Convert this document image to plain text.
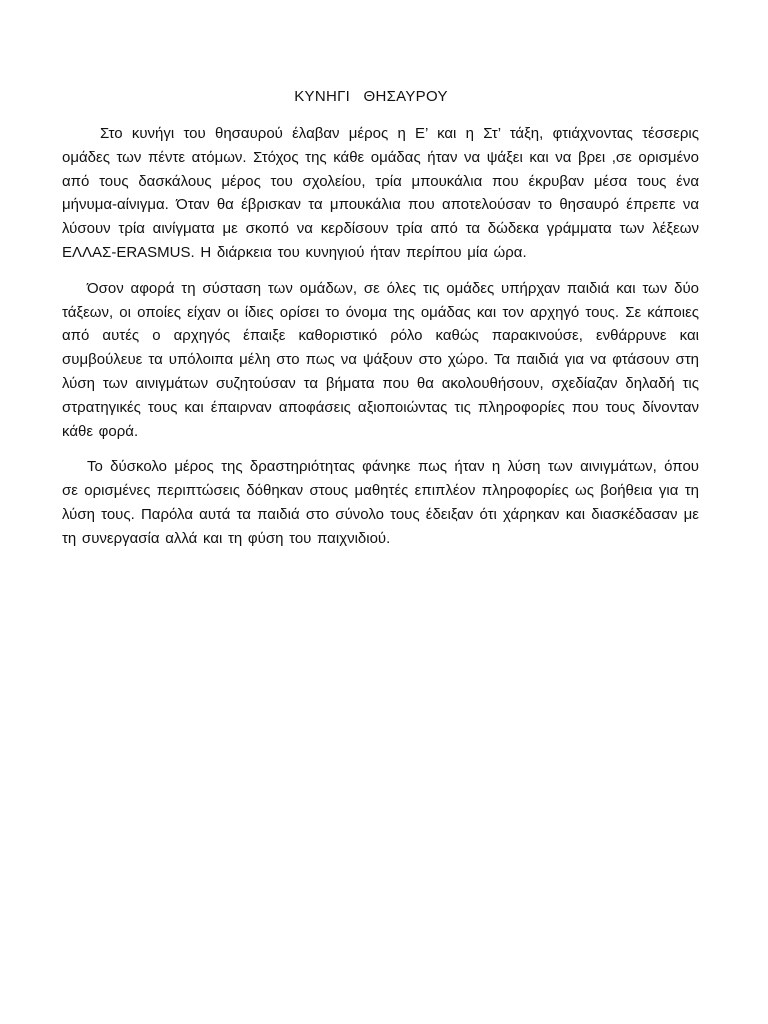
ΚΥΝΗΓΙ   ΘΗΣΑΥΡΟΥ

Στο κυνήγι του θησαυρού έλαβαν μέρος η Ε’ και η Στ’ τάξη, φτιάχνοντας τέσσερις ομάδες των πέντε ατόμων. Στόχος της κάθε ομάδας ήταν να ψάξει και να βρει ,σε ορισμένο από τους δασκάλους μέρος του σχολείου, τρία μπουκάλια που έκρυβαν μέσα τους ένα μήνυμα-αίνιγμα. Όταν θα έβρισκαν τα μπουκάλια που αποτελούσαν το θησαυρό έπρεπε να λύσουν τρία αινίγματα με σκοπό να κερδίσουν τρία από τα δώδεκα γράμματα των λέξεων ΕΛΛΑΣ-ERASMUS. Η διάρκεια του κυνηγιού ήταν περίπου μία ώρα.

Όσον αφορά τη σύσταση των ομάδων, σε όλες τις ομάδες υπήρχαν παιδιά και των δύο τάξεων, οι οποίες είχαν οι ίδιες ορίσει το όνομα της ομάδας και τον αρχηγό τους. Σε κάποιες από αυτές ο αρχηγός έπαιξε καθοριστικό ρόλο καθώς παρακινούσε, ενθάρρυνε και συμβούλευε τα υπόλοιπα μέλη στο πως να ψάξουν στο χώρο. Τα παιδιά για να φτάσουν στη λύση των αινιγμάτων συζητούσαν τα βήματα που θα ακολουθήσουν, σχεδίαζαν δηλαδή τις στρατηγικές τους και έπαιρναν αποφάσεις αξιοποιώντας τις πληροφορίες που τους δίνονταν κάθε φορά.

Το δύσκολο μέρος της δραστηριότητας φάνηκε πως ήταν η λύση των αινιγμάτων, όπου σε ορισμένες περιπτώσεις δόθηκαν στους μαθητές επιπλέον πληροφορίες ως βοήθεια για τη λύση τους. Παρόλα αυτά τα παιδιά στο σύνολο τους έδειξαν ότι χάρηκαν και διασκέδασαν με τη συνεργασία αλλά και τη φύση του παιχνιδιού.
